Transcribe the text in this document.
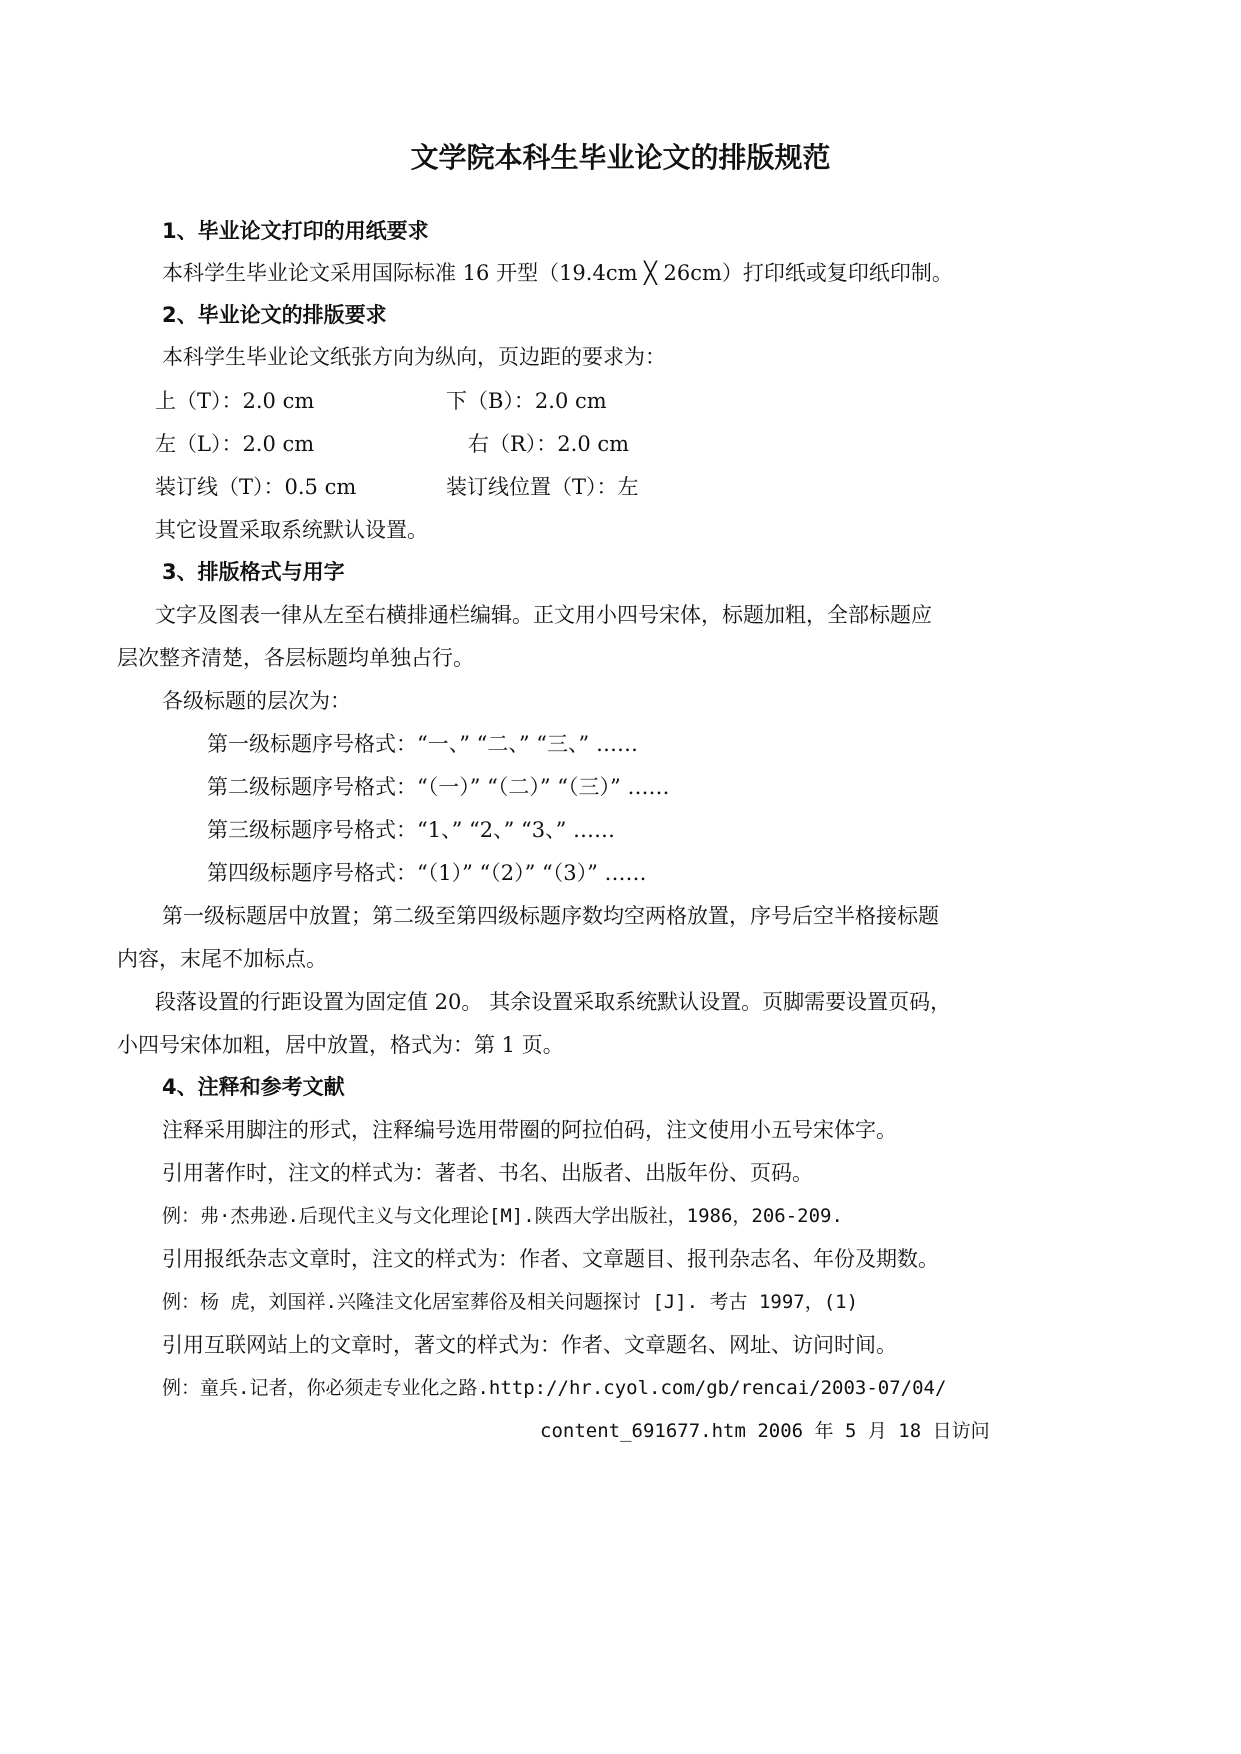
文学院本科生毕业论文的排版规范
1、毕业论文打印的用纸要求
本科学生毕业论文采用国际标准 16 开型（19.4cm ╳ 26cm）打印纸或复印纸印制。
2、毕业论文的排版要求
本科学生毕业论文纸张方向为纵向，页边距的要求为：
上（T）：2.0 cm	下（B）：2.0 cm
左（L）：2.0 cm	右（R）：2.0 cm
装订线（T）：0.5 cm	装订线位置（T）：左
其它设置采取系统默认设置。
3、排版格式与用字
文字及图表一律从左至右横排通栏编辑。正文用小四号宋体，标题加粗，全部标题应
层次整齐清楚，各层标题均单独占行。
各级标题的层次为：
第一级标题序号格式：“一、” “二、” “三、” ……
第二级标题序号格式：“（一）” “（二）” “（三）” ……
第三级标题序号格式：“1、” “2、” “3、” ……
第四级标题序号格式：“（1）” “（2）” “（3）” ……
第一级标题居中放置；第二级至第四级标题序数均空两格放置，序号后空半格接标题
内容，末尾不加标点。
段落设置的行距设置为固定值 20。 其余设置采取系统默认设置。页脚需要设置页码，
小四号宋体加粗，居中放置，格式为：第 1 页。
4、注释和参考文献
注释采用脚注的形式，注释编号选用带圈的阿拉伯码，注文使用小五号宋体字。
引用著作时，注文的样式为：著者、书名、出版者、出版年份、页码。
例：弗·杰弗逊.后现代主义与文化理论[M].陕西大学出版社，1986，206-209.
引用报纸杂志文章时，注文的样式为：作者、文章题目、报刊杂志名、年份及期数。
例：杨 虎，刘国祥.兴隆洼文化居室葬俗及相关问题探讨 [J]. 考古 1997，(1)
引用互联网站上的文章时，著文的样式为：作者、文章题名、网址、访问时间。
例：童兵.记者，你必须走专业化之路.http://hr.cyol.com/gb/rencai/2003-07/04/
content_691677.htm 2006 年 5 月 18 日访问
